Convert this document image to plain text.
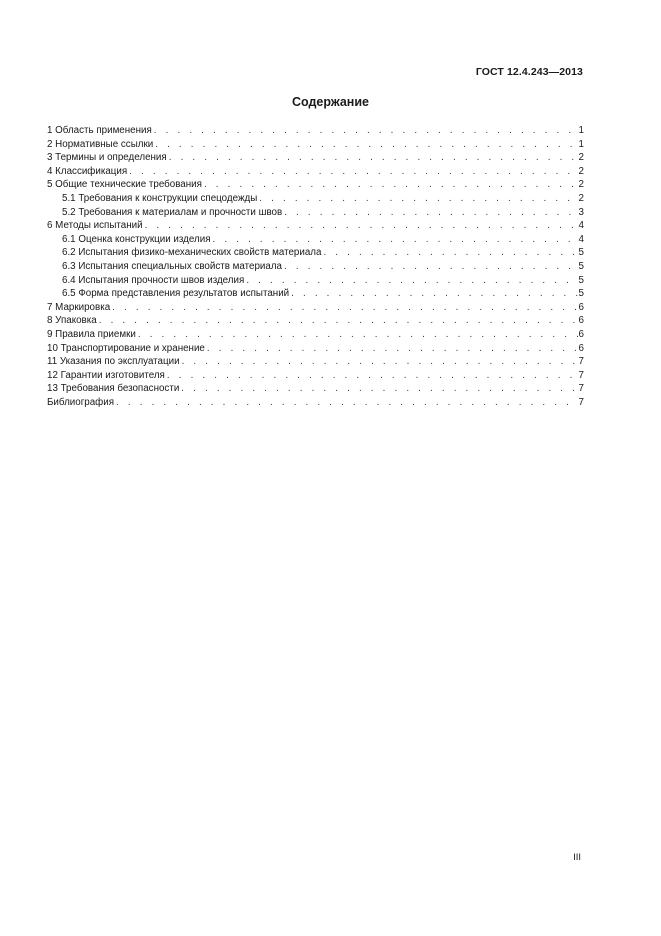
ГОСТ 12.4.243—2013
Содержание
1 Область применения . . .	1
2 Нормативные ссылки . . .	1
3 Термины и определения . . .	2
4 Классификация . . .	2
5 Общие технические требования . . .	2
5.1 Требования к конструкции спецодежды . . .	2
5.2 Требования к материалам и прочности швов . . .	3
6 Методы испытаний . . .	4
6.1 Оценка конструкции изделия . . .	4
6.2 Испытания физико-механических свойств материала . . .	5
6.3 Испытания специальных свойств материала . . .	5
6.4 Испытания прочности швов изделия . . .	5
6.5 Форма представления результатов испытаний . . .	5
7 Маркировка . . .	6
8 Упаковка . . .	6
9 Правила приемки . . .	6
10 Транспортирование и хранение . . .	6
11 Указания по эксплуатации . . .	7
12 Гарантии изготовителя . . .	7
13 Требования безопасности . . .	7
Библиография . . .	7
III
